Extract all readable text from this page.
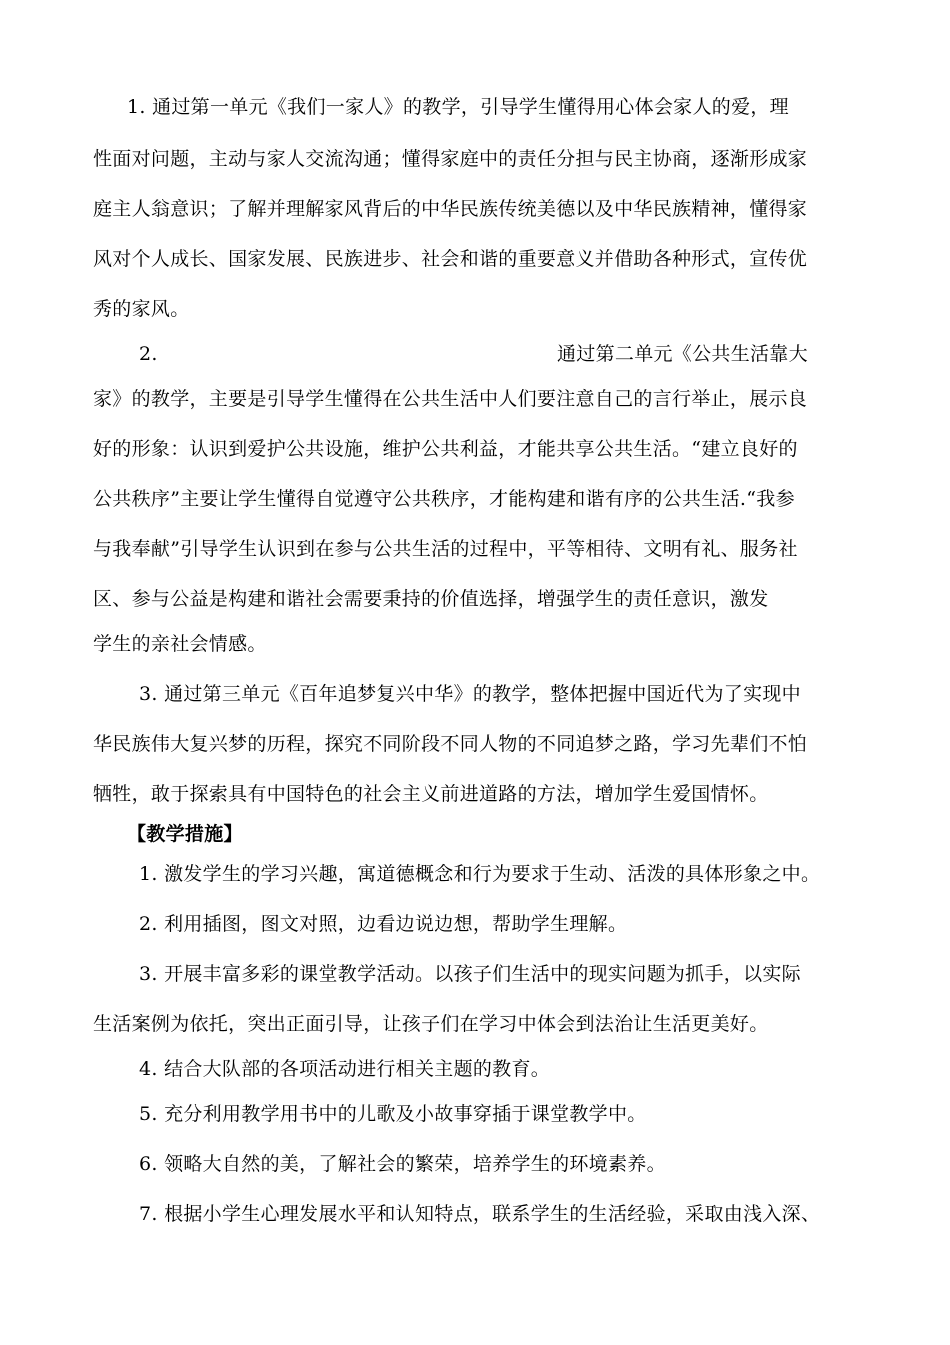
1. 通过第一单元《我们一家人》的教学，引导学生懂得用心体会家人的爱，理
性面对问题，主动与家人交流沟通；懂得家庭中的责任分担与民主协商，逐渐形成家
庭主人翁意识；了解并理解家风背后的中华民族传统美德以及中华民族精神，懂得家
风对个人成长、国家发展、民族进步、社会和谐的重要意义并借助各种形式，宣传优
秀的家风。
2.	通过第二单元《公共生活靠大
家》的教学，主要是引导学生懂得在公共生活中人们要注意自己的言行举止，展示良
好的形象：认识到爱护公共设施，维护公共利益，才能共享公共生活。“建立良好的
公共秩序”主要让学生懂得自觉遵守公共秩序，才能构建和谐有序的公共生活.“我参
与我奉献”引导学生认识到在参与公共生活的过程中，平等相待、文明有礼、服务社
区、参与公益是构建和谐社会需要秉持的价值选择，增强学生的责任意识，激发
学生的亲社会情感。
3. 通过第三单元《百年追梦复兴中华》的教学，整体把握中国近代为了实现中
华民族伟大复兴梦的历程，探究不同阶段不同人物的不同追梦之路，学习先辈们不怕
牺牲，敢于探索具有中国特色的社会主义前进道路的方法，增加学生爱国情怀。
【教学措施】
1. 激发学生的学习兴趣，寓道德概念和行为要求于生动、活泼的具体形象之中。
2. 利用插图，图文对照，边看边说边想，帮助学生理解。
3. 开展丰富多彩的课堂教学活动。以孩子们生活中的现实问题为抓手，以实际
生活案例为依托，突出正面引导，让孩子们在学习中体会到法治让生活更美好。
4. 结合大队部的各项活动进行相关主题的教育。
5. 充分利用教学用书中的儿歌及小故事穿插于课堂教学中。
6. 领略大自然的美，了解社会的繁荣，培养学生的环境素养。
7. 根据小学生心理发展水平和认知特点，联系学生的生活经验，采取由浅入深、
